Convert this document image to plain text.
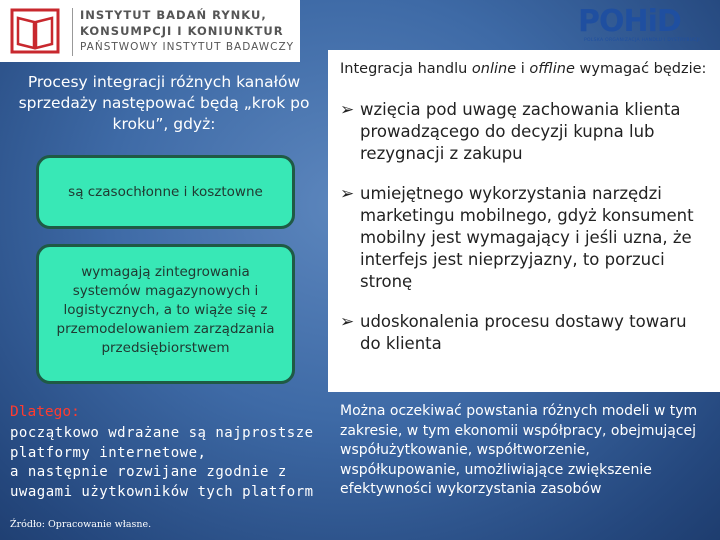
INSTYTUT BADAŃ RYNKU,
KONSUMPCJI I KONIUNKTUR
PAŃSTWOWY INSTYTUT BADAWCZY
POHiD
POLSKA ORGANIZACJA HANDLU I DYSTRYBUCJI
Procesy integracji różnych kanałów sprzedaży następować będą „krok po kroku”, gdyż:
są czasochłonne i kosztowne
wymagają zintegrowania systemów magazynowych i logistycznych, a to wiąże się z przemodelowaniem zarządzania przedsiębiorstwem
Dlatego:
początkowo wdrażane są najprostsze
platformy internetowe,
a następnie rozwijane zgodnie z
uwagami użytkowników tych platform
Źródło: Opracowanie własne.
Integracja handlu online i offline wymagać będzie:
➢ wzięcia pod uwagę zachowania klienta prowadzącego do decyzji kupna lub rezygnacji z zakupu
➢ umiejętnego wykorzystania narzędzi marketingu mobilnego, gdyż konsument mobilny jest wymagający i jeśli uzna, że interfejs jest nieprzyjazny, to porzuci stronę
➢ udoskonalenia procesu dostawy towaru do klienta
Można oczekiwać powstania różnych modeli w tym zakresie, w tym ekonomii współpracy, obejmującej współużytkowanie, współtworzenie, współkupowanie, umożliwiające zwiększenie efektywności wykorzystania zasobów
